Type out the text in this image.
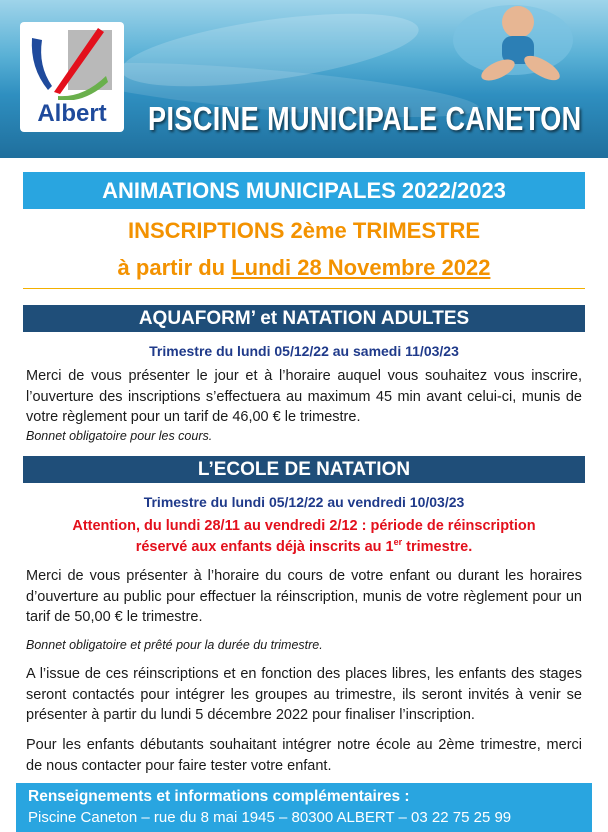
Albert	PISCINE MUNICIPALE CANETON
ANIMATIONS MUNICIPALES 2022/2023
INSCRIPTIONS 2ème TRIMESTRE
à partir du Lundi 28 Novembre 2022
AQUAFORM’ et NATATION ADULTES
Trimestre du lundi 05/12/22 au samedi 11/03/23
Merci de vous présenter le jour et à l’horaire auquel vous souhaitez vous inscrire, l’ouverture des inscriptions s’effectuera au maximum 45 min avant celui-ci, munis de votre règlement pour un tarif de 46,00 € le trimestre.
Bonnet obligatoire pour les cours.
L’ECOLE DE NATATION
Trimestre du lundi 05/12/22 au vendredi 10/03/23
Attention, du lundi 28/11 au vendredi 2/12 : période de réinscription
réservé aux enfants déjà inscrits au 1er trimestre.
Merci de vous présenter à l’horaire du cours de votre enfant ou durant les horaires d’ouverture au public pour effectuer la réinscription, munis de votre règlement pour un tarif de 50,00 € le trimestre.
Bonnet obligatoire et prêté pour la durée du trimestre.
A l’issue de ces réinscriptions et en fonction des places libres, les enfants des stages seront contactés pour intégrer les groupes au trimestre, ils seront invités à venir se présenter à partir du lundi 5 décembre 2022 pour finaliser l’inscription.
Pour les enfants débutants souhaitant intégrer notre école au 2ème trimestre, merci de nous contacter pour faire tester votre enfant.
Renseignements et informations complémentaires :
Piscine Caneton – rue du 8 mai 1945 – 80300 ALBERT – 03 22 75 25 99
